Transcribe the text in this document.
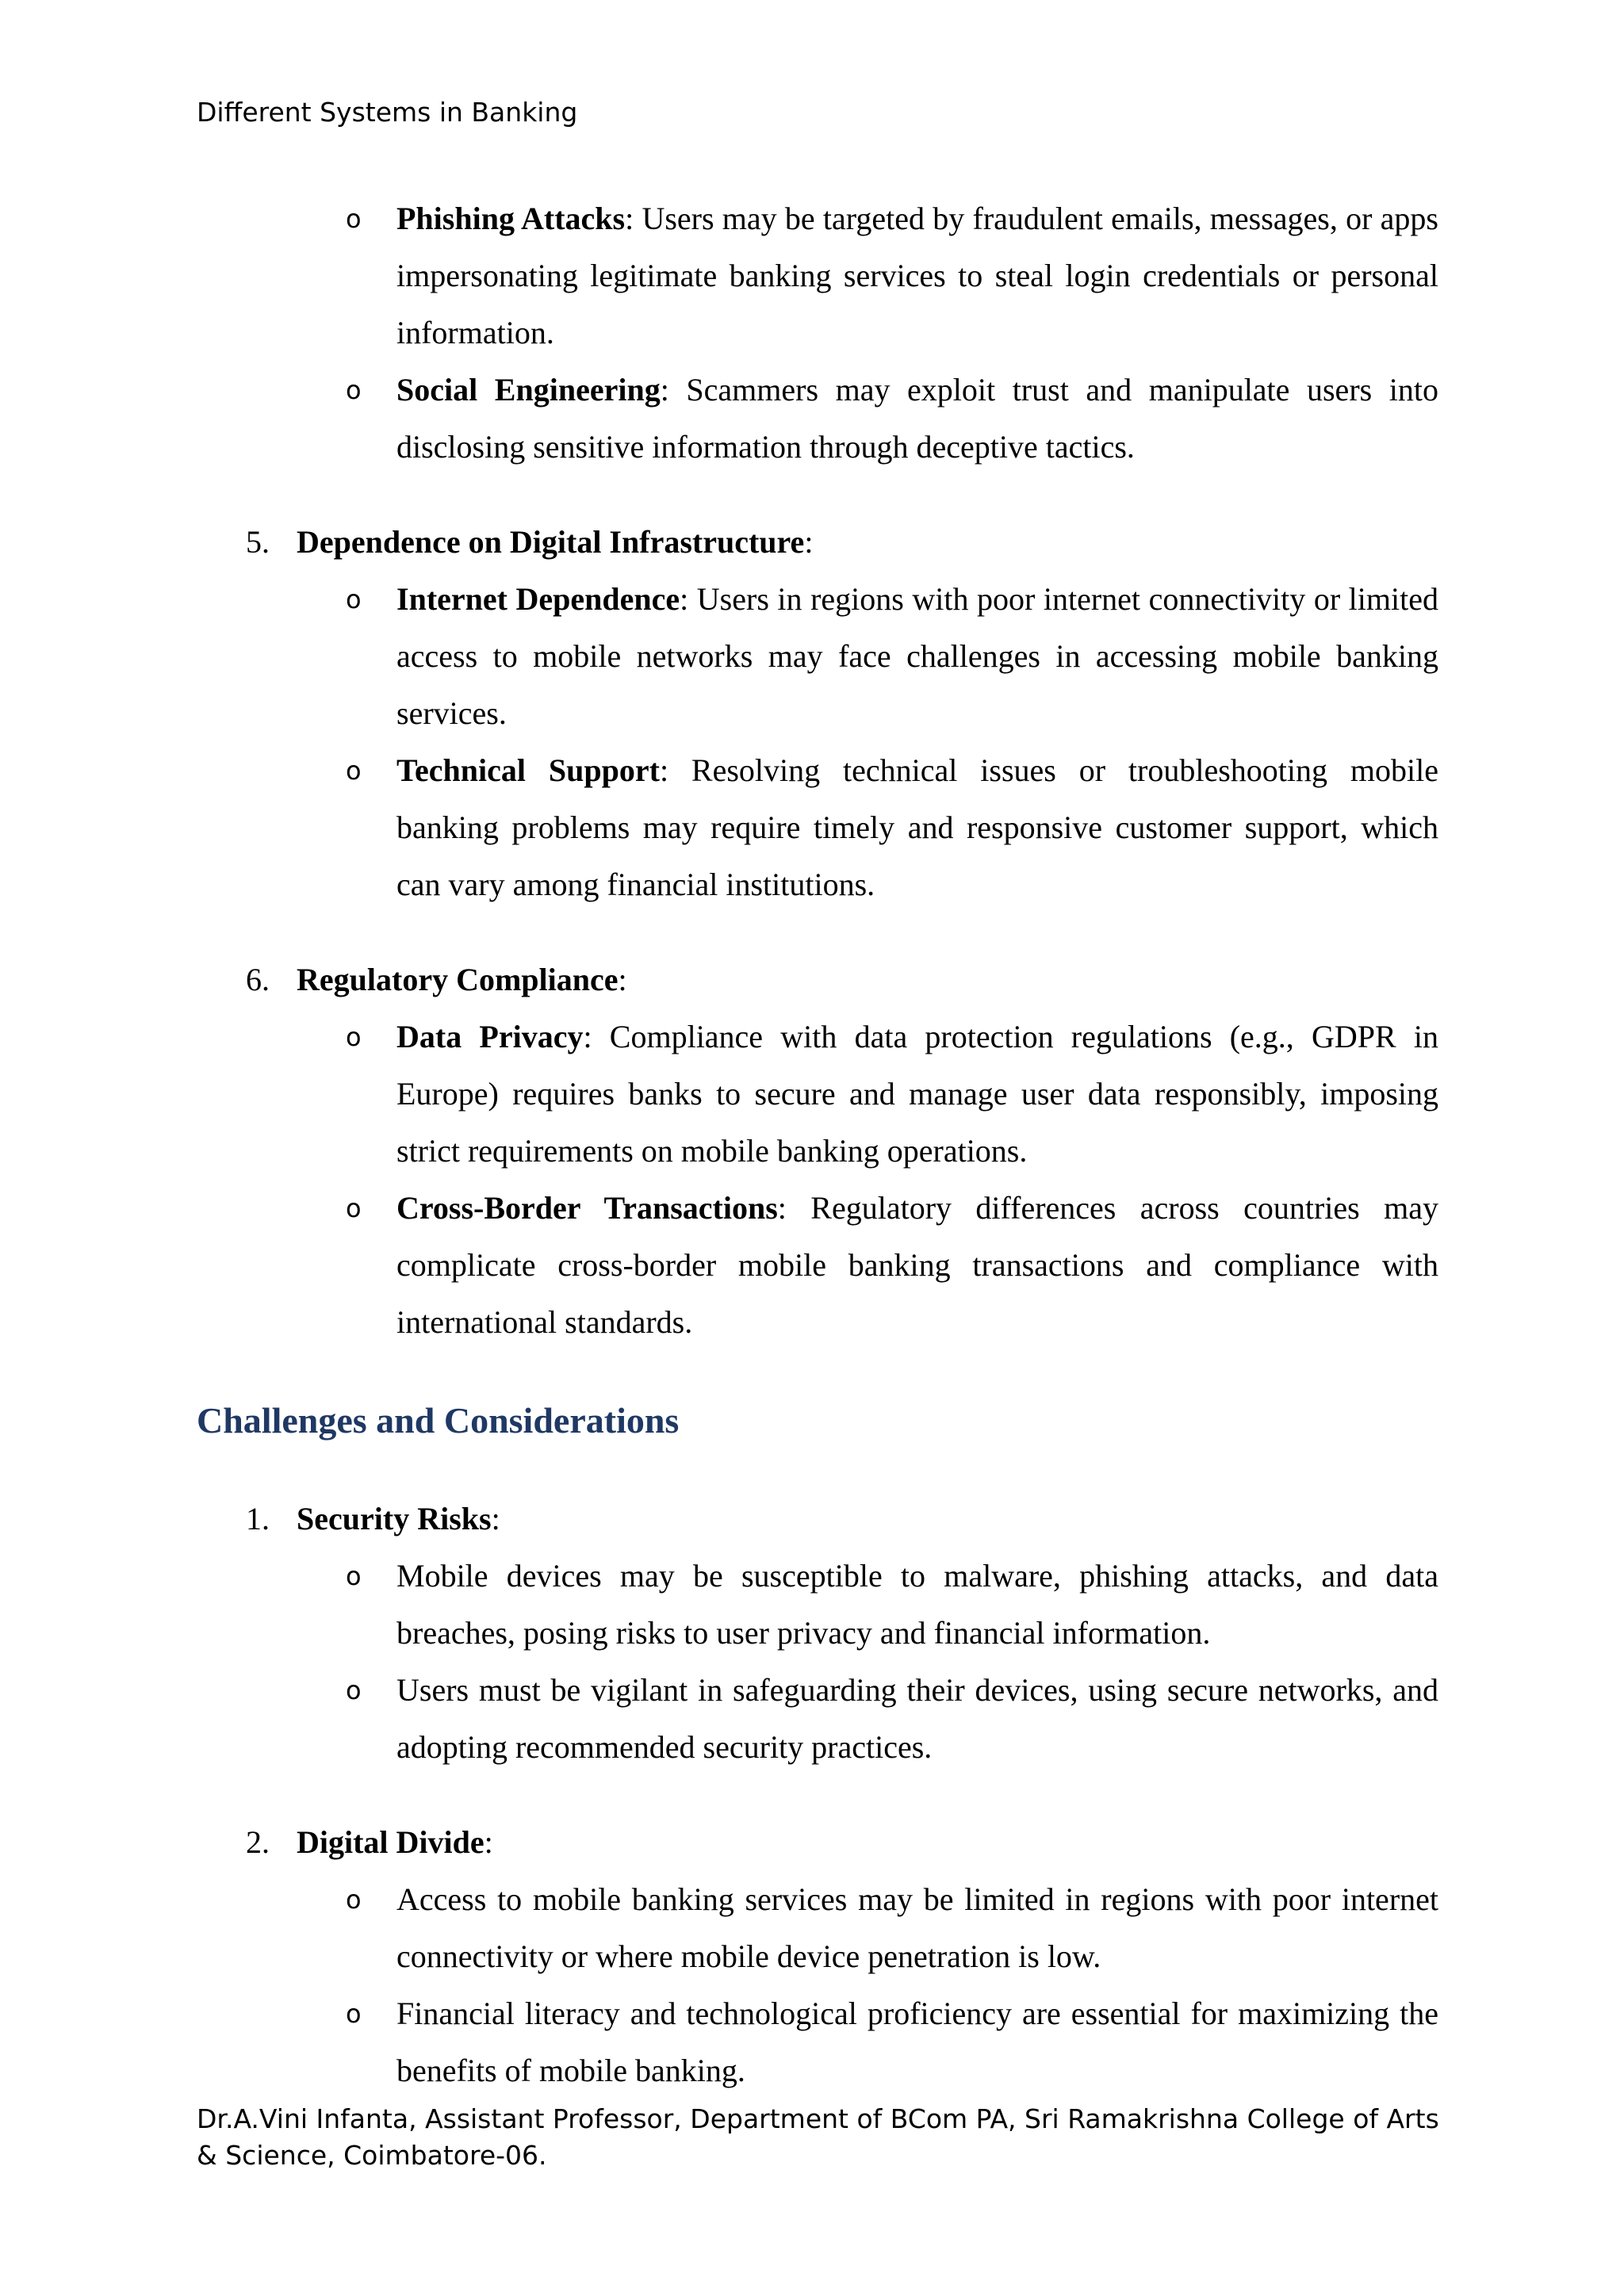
Different Systems in Banking
o Phishing Attacks: Users may be targeted by fraudulent emails, messages, or apps impersonating legitimate banking services to steal login credentials or personal information.
o Social Engineering: Scammers may exploit trust and manipulate users into disclosing sensitive information through deceptive tactics.
5. Dependence on Digital Infrastructure:
o Internet Dependence: Users in regions with poor internet connectivity or limited access to mobile networks may face challenges in accessing mobile banking services.
o Technical Support: Resolving technical issues or troubleshooting mobile banking problems may require timely and responsive customer support, which can vary among financial institutions.
6. Regulatory Compliance:
o Data Privacy: Compliance with data protection regulations (e.g., GDPR in Europe) requires banks to secure and manage user data responsibly, imposing strict requirements on mobile banking operations.
o Cross-Border Transactions: Regulatory differences across countries may complicate cross-border mobile banking transactions and compliance with international standards.
Challenges and Considerations
1. Security Risks:
o Mobile devices may be susceptible to malware, phishing attacks, and data breaches, posing risks to user privacy and financial information.
o Users must be vigilant in safeguarding their devices, using secure networks, and adopting recommended security practices.
2. Digital Divide:
o Access to mobile banking services may be limited in regions with poor internet connectivity or where mobile device penetration is low.
o Financial literacy and technological proficiency are essential for maximizing the benefits of mobile banking.
Dr.A.Vini Infanta, Assistant Professor, Department of BCom PA, Sri Ramakrishna College of Arts & Science, Coimbatore-06.
